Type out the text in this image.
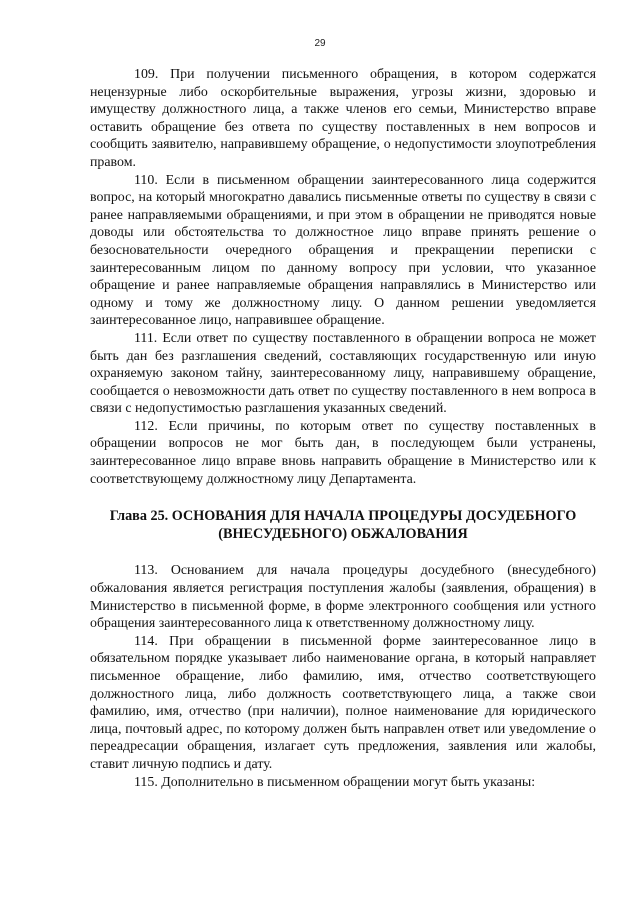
29

109. При получении письменного обращения, в котором содержатся нецензурные либо оскорбительные выражения, угрозы жизни, здоровью и имуществу должностного лица, а также членов его семьи, Министерство вправе оставить обращение без ответа по существу поставленных в нем вопросов и сообщить заявителю, направившему обращение, о недопустимости злоупотребления правом.

110. Если в письменном обращении заинтересованного лица содержится вопрос, на который многократно давались письменные ответы по существу в связи с ранее направляемыми обращениями, и при этом в обращении не приводятся новые доводы или обстоятельства то должностное лицо вправе принять решение о безосновательности очередного обращения и прекращении переписки с заинтересованным лицом по данному вопросу при условии, что указанное обращение и ранее направляемые обращения направлялись в Министерство или одному и тому же должностному лицу. О данном решении уведомляется заинтересованное лицо, направившее обращение.

111. Если ответ по существу поставленного в обращении вопроса не может быть дан без разглашения сведений, составляющих государственную или иную охраняемую законом тайну, заинтересованному лицу, направившему обращение, сообщается о невозможности дать ответ по существу поставленного в нем вопроса в связи с недопустимостью разглашения указанных сведений.

112. Если причины, по которым ответ по существу поставленных в обращении вопросов не мог быть дан, в последующем были устранены, заинтересованное лицо вправе вновь направить обращение в Министерство или к соответствующему должностному лицу Департамента.

Глава 25. ОСНОВАНИЯ ДЛЯ НАЧАЛА ПРОЦЕДУРЫ ДОСУДЕБНОГО
(ВНЕСУДЕБНОГО) ОБЖАЛОВАНИЯ

113. Основанием для начала процедуры досудебного (внесудебного) обжалования является регистрация поступления жалобы (заявления, обращения) в Министерство в письменной форме, в форме электронного сообщения или устного обращения заинтересованного лица к ответственному должностному лицу.

114. При обращении в письменной форме заинтересованное лицо в обязательном порядке указывает либо наименование органа, в который направляет письменное обращение, либо фамилию, имя, отчество соответствующего должностного лица, либо должность соответствующего лица, а также свои фамилию, имя, отчество (при наличии), полное наименование для юридического лица, почтовый адрес, по которому должен быть направлен ответ или уведомление о переадресации обращения, излагает суть предложения, заявления или жалобы, ставит личную подпись и дату.

115. Дополнительно в письменном обращении могут быть указаны:
